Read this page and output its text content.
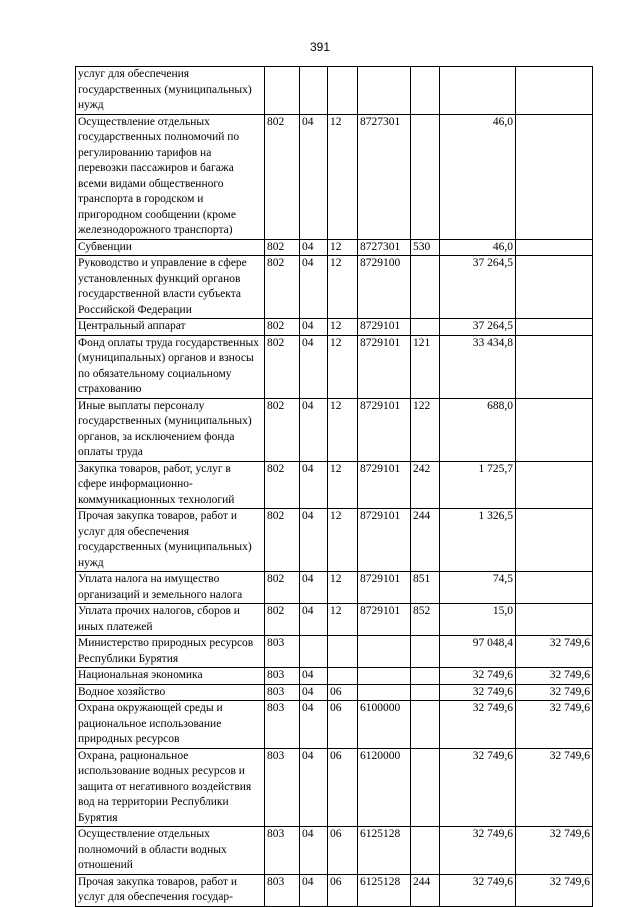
391
услуг для обеспечения государственных (муниципальных) нужд							
Осуществление отдельных государственных полномочий по регулированию тарифов на перевозки пассажиров и багажа всеми видами общественного транспорта в городском и пригородном сообщении (кроме железнодорожного транспорта)	802	04	12	8727301		46,0	
Субвенции	802	04	12	8727301	530	46,0	
Руководство и управление в сфере установленных функций органов государственной власти субъекта Российской Федерации	802	04	12	8729100		37 264,5	
Центральный аппарат	802	04	12	8729101		37 264,5	
Фонд оплаты труда государственных (муниципальных) органов и взносы по обязательному социальному страхованию	802	04	12	8729101	121	33 434,8	
Иные выплаты персоналу государственных (муниципальных) органов, за исключением фонда оплаты труда	802	04	12	8729101	122	688,0	
Закупка товаров, работ, услуг в сфере информационно-коммуникационных технологий	802	04	12	8729101	242	1 725,7	
Прочая закупка товаров, работ и услуг для обеспечения государственных (муниципальных) нужд	802	04	12	8729101	244	1 326,5	
Уплата налога на имущество организаций и земельного налога	802	04	12	8729101	851	74,5	
Уплата прочих налогов, сборов и иных платежей	802	04	12	8729101	852	15,0	
Министерство природных ресурсов Республики Бурятия	803					97 048,4	32 749,6
Национальная экономика	803	04				32 749,6	32 749,6
Водное хозяйство	803	04	06			32 749,6	32 749,6
Охрана окружающей среды и рациональное использование природных ресурсов	803	04	06	6100000		32 749,6	32 749,6
Охрана, рациональное использование водных ресурсов и защита от негативного воздействия вод на территории Республики Бурятия	803	04	06	6120000		32 749,6	32 749,6
Осуществление отдельных полномочий в области водных отношений	803	04	06	6125128		32 749,6	32 749,6
Прочая закупка товаров, работ и услуг для обеспечения государ-	803	04	06	6125128	244	32 749,6	32 749,6
